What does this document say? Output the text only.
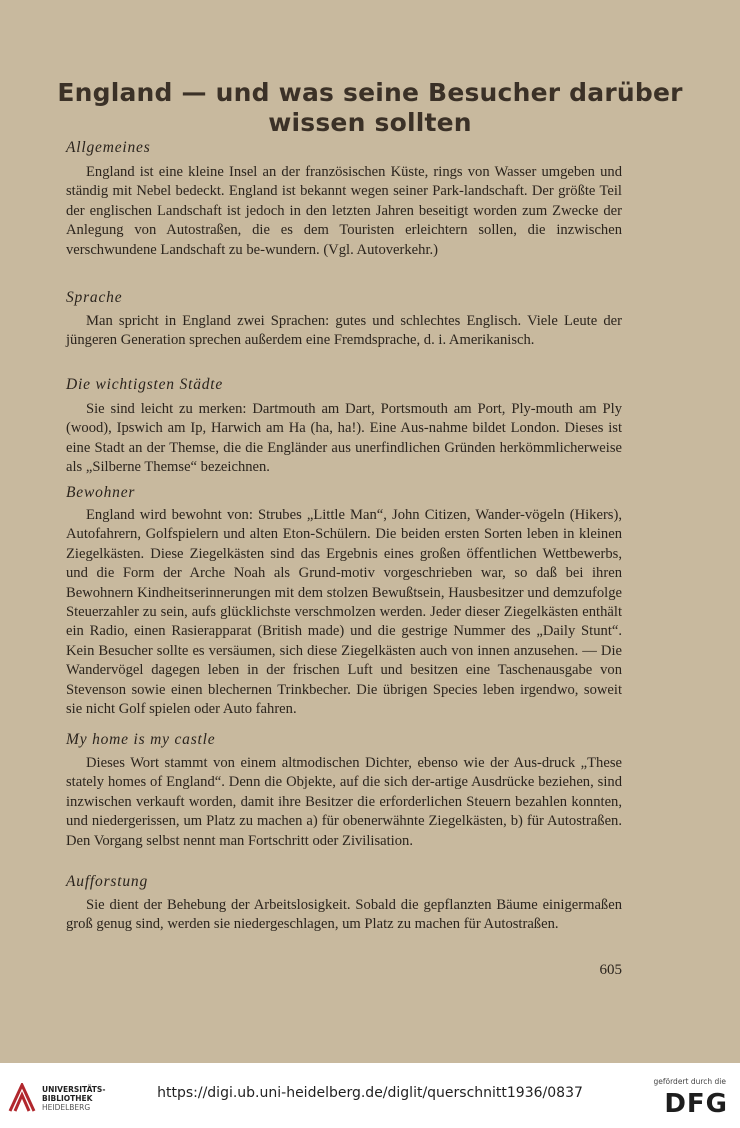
England — und was seine Besucher darüber
wissen sollten
Allgemeines

England ist eine kleine Insel an der französischen Küste, rings von Wasser umgeben und ständig mit Nebel bedeckt. England ist bekannt wegen seiner Park-landschaft. Der größte Teil der englischen Landschaft ist jedoch in den letzten Jahren beseitigt worden zum Zwecke der Anlegung von Autostraßen, die es dem Touristen erleichtern sollen, die inzwischen verschwundene Landschaft zu be-wundern. (Vgl. Autoverkehr.)

Sprache

Man spricht in England zwei Sprachen: gutes und schlechtes Englisch. Viele Leute der jüngeren Generation sprechen außerdem eine Fremdsprache, d. i. Amerikanisch.

Die wichtigsten Städte

Sie sind leicht zu merken: Dartmouth am Dart, Portsmouth am Port, Ply-mouth am Ply (wood), Ipswich am Ip, Harwich am Ha (ha, ha!). Eine Aus-nahme bildet London. Dieses ist eine Stadt an der Themse, die die Engländer aus unerfindlichen Gründen herkömmlicherweise als „Silberne Themse“ bezeichnen.

Bewohner

England wird bewohnt von: Strubes „Little Man“, John Citizen, Wander-vögeln (Hikers), Autofahrern, Golfspielern und alten Eton-Schülern. Die beiden ersten Sorten leben in kleinen Ziegelkästen. Diese Ziegelkästen sind das Ergebnis eines großen öffentlichen Wettbewerbs, und die Form der Arche Noah als Grund-motiv vorgeschrieben war, so daß bei ihren Bewohnern Kindheitserinnerungen mit dem stolzen Bewußtsein, Hausbesitzer und demzufolge Steuerzahler zu sein, aufs glücklichste verschmolzen werden. Jeder dieser Ziegelkästen enthält ein Radio, einen Rasierapparat (British made) und die gestrige Nummer des „Daily Stunt“. Kein Besucher sollte es versäumen, sich diese Ziegelkästen auch von innen anzusehen. — Die Wandervögel dagegen leben in der frischen Luft und besitzen eine Taschenausgabe von Stevenson sowie einen blechernen Trinkbecher. Die übrigen Species leben irgendwo, soweit sie nicht Golf spielen oder Auto fahren.

My home is my castle

Dieses Wort stammt von einem altmodischen Dichter, ebenso wie der Aus-druck „These stately homes of England“. Denn die Objekte, auf die sich der-artige Ausdrücke beziehen, sind inzwischen verkauft worden, damit ihre Besitzer die erforderlichen Steuern bezahlen konnten, und niedergerissen, um Platz zu machen a) für obenerwähnte Ziegelkästen, b) für Autostraßen. Den Vorgang selbst nennt man Fortschritt oder Zivilisation.

Aufforstung

Sie dient der Behebung der Arbeitslosigkeit. Sobald die gepflanzten Bäume einigermaßen groß genug sind, werden sie niedergeschlagen, um Platz zu machen für Autostraßen.

605
UNIVERSITÄTS-
BIBLIOTHEK
HEIDELBERG
https://digi.ub.uni-heidelberg.de/diglit/querschnitt1936/0837
gefördert durch die
DFG
